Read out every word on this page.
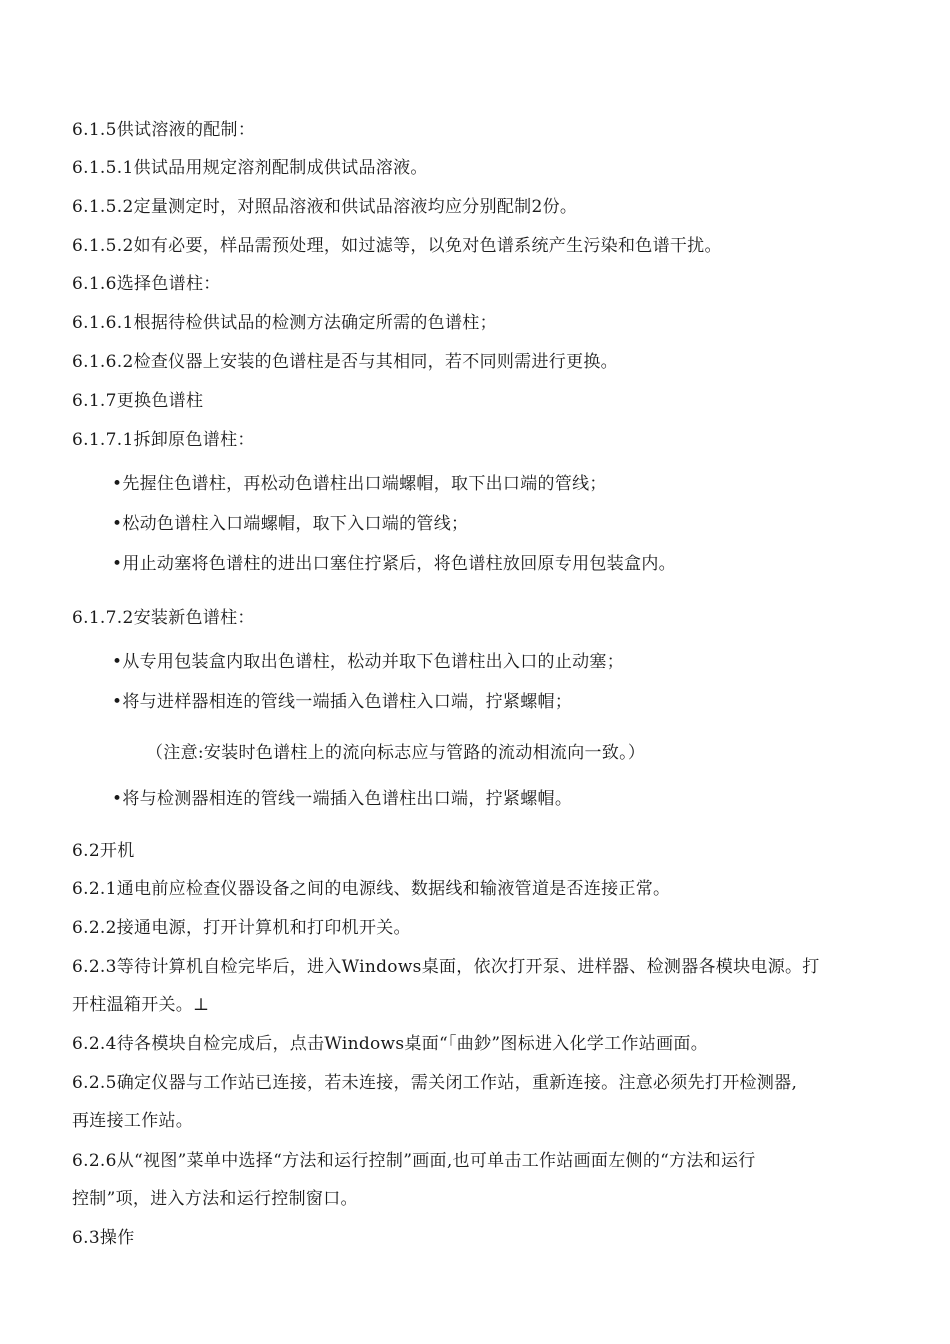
6.1.5供试溶液的配制：
6.1.5.1供试品用规定溶剂配制成供试品溶液。
6.1.5.2定量测定时，对照品溶液和供试品溶液均应分别配制2份。
6.1.5.2如有必要，样品需预处理，如过滤等，以免对色谱系统产生污染和色谱干扰。
6.1.6选择色谱柱：
6.1.6.1根据待检供试品的检测方法确定所需的色谱柱；
6.1.6.2检查仪器上安装的色谱柱是否与其相同，若不同则需进行更换。
6.1.7更换色谱柱
6.1.7.1拆卸原色谱柱：
•先握住色谱柱，再松动色谱柱出口端螺帽，取下出口端的管线；
•松动色谱柱入口端螺帽，取下入口端的管线；
•用止动塞将色谱柱的进出口塞住拧紧后，将色谱柱放回原专用包装盒内。
6.1.7.2安装新色谱柱：
•从专用包装盒内取出色谱柱，松动并取下色谱柱出入口的止动塞；
•将与进样器相连的管线一端插入色谱柱入口端，拧紧螺帽；
（注意:安装时色谱柱上的流向标志应与管路的流动相流向一致。）
•将与检测器相连的管线一端插入色谱柱出口端，拧紧螺帽。
6.2开机
6.2.1通电前应检查仪器设备之间的电源线、数据线和输液管道是否连接正常。
6.2.2接通电源，打开计算机和打印机开关。
6.2.3等待计算机自检完毕后，进入Windows桌面，依次打开泵、进样器、检测器各模块电源。打
开柱温箱开关。⊥
6.2.4待各模块自检完成后，点击Windows桌面“「曲鈔”图标进入化学工作站画面。
6.2.5确定仪器与工作站已连接，若未连接，需关闭工作站，重新连接。注意必须先打开检测器,
再连接工作站。
6.2.6从“视图”菜单中选择“方法和运行控制”画面,也可单击工作站画面左侧的“方法和运行
控制”项，进入方法和运行控制窗口。
6.3操作
